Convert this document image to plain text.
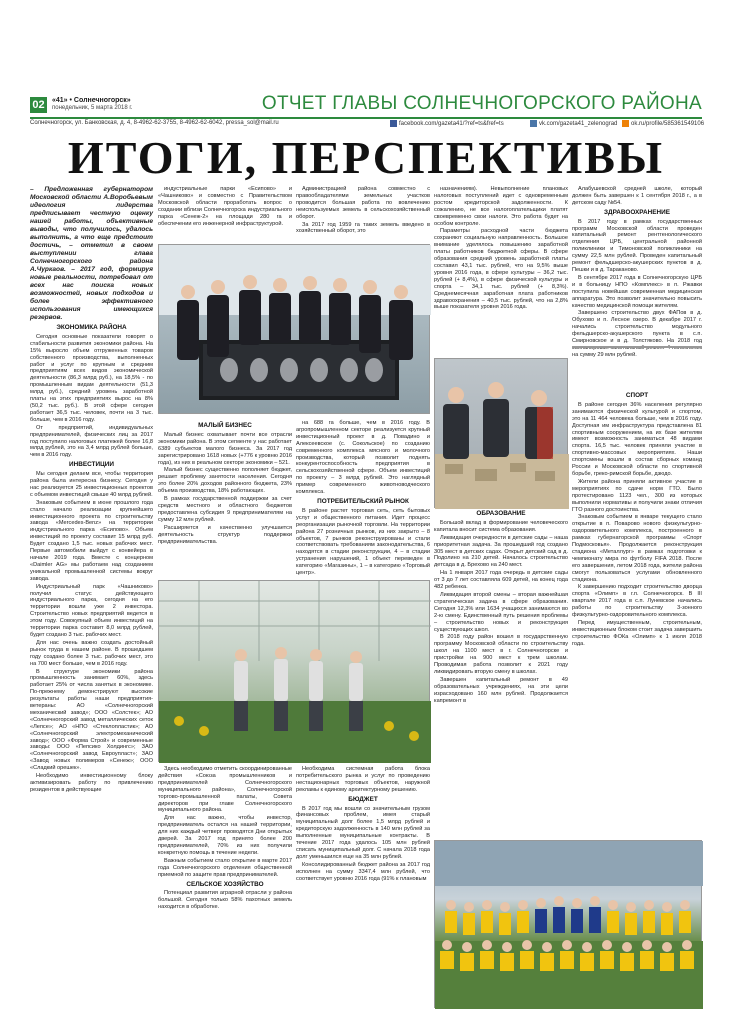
02	«41» • Солнечногорск»
понедельник, 5 марта 2018 г.	ОТЧЕТ ГЛАВЫ СОЛНЕЧНОГОРСКОГО РАЙОНА
Солнечногорск, ул. Банковская, д. 4, 8-4962-62-3755, 8-4962-62-6042, pressa_sol@mail.ru	facebook.com/gazeta41/?ref=ts&fref=ts	vk.com/gazeta41_zelenograd	ok.ru/profile/585361549106
ИТОГИ, ПЕРСПЕКТИВЫ

– Предложенная губернатором Московской области А.Воробьевым идеология лидерства предписывает честную оценку нашей работы, объективные выводы, что получилось, удалось выполнить, а что еще предстоит достичь, – отметил в своем выступлении глава Солнечногорского района А.Чуркаов. – 2017 год, формируя новые реальности, потребовал от всех нас поиска новых возможностей, новых подходов и более эффективного использования имеющихся резервов.

ЭКОНОМИКА РАЙОНА

Сегодня основные показатели говорят о стабильности развития экономики района. На 15% выросло объем отгруженных товаров собственного производства, выполненных работ и услуг по крупным и средним предприятиям всех видов экономической деятельности (86,3 млрд руб.), на 18,5% - по промышленным видам деятельности (51,3 млрд руб.), средний уровень заработной платы на этих предприятиях вырос на 8% (50,2 тыс. руб.). В этой сфере сегодня работает 36,5 тыс. человек, почти на 3 тыс. больше, чем в 2016 году.

От предприятий, индивидуальных предпринимателей, физических лиц за 2017 год поступило налоговых платежей более 16,8 млрд рублей, это на 3,4 млрд рублей больше, чем в 2016 году.

ИНВЕСТИЦИИ

Мы сегодня делаем все, чтобы территория района была интересна бизнесу. Сегодня у нас реализуется 25 инвестиционных проектов с объемом инвестиций свыше 40 млрд рублей.

Знаковым событием в июне прошлого года стало начало реализации крупнейшего инвестиционного проекта по строительству завода «Mercedes-Benz» на территории индустриального парка «Есипово». Объем инвестиций по проекту составит 15 млрд руб. Будет создано 1,5 тыс. новых рабочих мест. Первые автомобили выйдут с конвейера в начале 2019 года. Вместе с концерном «Daimler AG» мы работаем над созданием уникальной промышленной системы вокруг завода.

Индустриальный парк «Чашниково» получил статус действующего индустриального парка, сегодня на его территории вошли уже 2 инвестора. Строительство новых предприятий ведется в этом году. Совокупный объем инвестиций на территории парка составит 8,0 млрд рублей, будет создано 3 тыс. рабочих мест.

Для нас очень важно создать достойный рынок труда в нашем районе. В прошедшем году создано более 3 тыс. рабочих мест, это на 700 мест больше, чем в 2016 году.

В структуре экономики района промышленность занимает 60%, здесь работает 25% от числа занятых в экономике. По-прежнему демонстрируют высокие результаты работы наши предприятия-ветераны: АО «Солнечногорский механический завод»; ООО «Солстек»; АО «Солнечногорский завод металлических сеток «Лепсе»; АО «НПО «Стеклопластик»; АО «Солнечногорский электромеханический завод»; ООО «Форма Строй» и современные заводы: ООО «Пепсико Холдингс»; ЗАО «Солнечногорский завод Евроупласт»; ЗАО «Завод новых полимеров «Сенеж»; ООО «Сладкий орешек».

Необходимо инвестиционному блоку активизировать работу по привлечению резидентов в действующие

индустриальные парки «Есипово» и «Чашниково» и совместно с Правительством Московской области проработать вопрос о создании вблизи Солнечногорска индустриального парка «Сенеж-2» на площади 280 га и обеспечении его инженерной инфраструктурой.

МАЛЫЙ БИЗНЕС

Малый бизнес охватывает почти все отрасли экономики района. В этом сегменте у нас работает 6389 субъектов малого бизнеса. За 2017 год зарегистрировано 1618 новых (+776 к уровню 2016 года), из них в реальном секторе экономики – 521.

Малый бизнес существенно пополняет бюджет, решает проблему занятости населения. Сегодня это более 20% доходов районного бюджета, 23% объема производства, 18% работающих.

В рамках государственной поддержки за счет средств местного и областного бюджетов предоставлена субсидия 9 предпринимателям на сумму 12 млн рублей.

Расширяется и качественно улучшается деятельность структур поддержки предпринимательства.

Администрацией района совместно с правообладателями земельных участков проводится большая работа по вовлечению неиспользуемых земель в сельскохозяйственный оборот.

За 2017 год 1959 га таких земель введено в хозяйственный оборот, это

на 688 га больше, чем в 2016 году. В агропромышленном секторе реализуется крупный инвестиционный проект в д. Повадино и Алексеевское (с. Сокольское) по созданию современного комплекса мясного и молочного производства, который позволит поднять конкурентоспособность предприятия в сельскохозяйственной сфере. Объем инвестиций по проекту – 3 млрд рублей. Это наглядный пример современного животноводческого комплекса.

ПОТРЕБИТЕЛЬСКИЙ РЫНОК

В районе растет торговая сеть, сеть бытовых услуг и общественного питания. Идет процесс реорганизации рыночной торговли. На территории района 27 розничных рынков, из них закрыто – 8 объектов, 7 рынков реконструированы и стали соответствовать требованиям законодательства, 6 находятся в стадии реконструкции, 4 – в стадии устранения нарушений, 1 объект переведен в категорию «Магазины», 1 – в категорию «Торговый центр».

Здесь необходимо отметить скоординированные действия «Союза промышленников и предпринимателей Солнечногорского муниципального района», Солнечногорской торгово-промышленной палаты, Совета директоров при главе Солнечногорского муниципального района.

Для нас важно, чтобы инвестор, предприниматель остался на нашей территории, для них каждый четверг проводятся Дни открытых дверей. За 2017 год принято более 200 предпринимателей, 70% из них получили конкретную помощь в течение недели.

Важным событием стало открытие в марте 2017 года Солнечногорского отделения общественной приемной по защите прав предпринимателей.

СЕЛЬСКОЕ ХОЗЯЙСТВО

Потенциал развития аграрной отрасли у района большой. Сегодня только 58% пахотных земель находится в обработке.

Необходима системная работа блока потребительского рынка и услуг по проведению нестационарных торговых объектов, наружной рекламы к единому архитектурному решению.

БЮДЖЕТ

В 2017 год мы вошли со значительным грузом финансовых проблем, имея старый муниципальный долг более 1,5 млрд рублей и кредиторскую задолженность в 140 млн рублей за выполненные муниципальные контракты. В течение 2017 года удалось 105 млн рублей списать муниципальный долг. С начала 2018 года долг уменьшился еще на 35 млн рублей.

Консолидированный бюджет района за 2017 год исполнен на сумму 3347,4 млн рублей, что соответствует уровню 2016 года (91% к плановым

назначениям). Невыполнение плановых налоговых поступлений идет с одновременным ростом кредиторской задолженности. К сожалению, не все налогоплательщики платят своевременно свои налоги. Это работа будет на особом контроле.

Параметры расходной части бюджета сохраняют социальную направленность. Большое внимание уделялось повышению заработной платы работников бюджетной сферы. В сфере образования средний уровень заработной платы составил 43,1 тыс. рублей, что на 9,5% выше уровня 2016 года, в сфере культуры – 36,2 тыс. рублей (+ 8,4%), в сфере физической культуры и спорта – 34,1 тыс. рублей (+ 8,3%). Среднемесячная заработная плата работников здравоохранения – 40,5 тыс. рублей, что на 2,8% выше показателя уровня 2016 года.

ОБРАЗОВАНИЕ

Большой вклад в формирование человеческого капитала вносит система образования.

Ликвидация очередности в детские сады – наша приоритетная задача. За прошедший год создано 305 мест в детских садах. Открыт детский сад в д. Подолино на 210 детей. Началось строительство детсада в д. Брехово на 240 мест.

На 1 января 2017 года очередь в детские сады от 3 до 7 лет составляла 609 детей, на конец года 482 ребенка.

Ликвидация второй смены – вторая важнейшая стратегическая задача в сфере образования. Сегодня 12,3% или 1634 учащихся занимаются во 2-ю смену. Единственный путь решения проблемы – строительство новых и реконструкция существующих школ.

В 2018 году район вошел в государственную программу Московской области по строительству школ на 1100 мест в г. Солнечногорске и пристройки на 900 мест к трем школам. Проводимая работа позволит к 2021 году ликвидировать вторую смену в школах.

Завершен капитальный ремонт в 49 образовательных учреждениях, на эти цели израсходовано 160 млн рублей. Продолжается капремонт в

Алабушевской средней школе, который должен быть завершен к 1 сентября 2018 г., а в детском саду №54.

ЗДРАВООХРАНЕНИЕ

В 2017 году в рамках государственных программ Московской области проведен капитальный ремонт рентгенологического отделения ЦРБ, центральной районной поликлиники и Тимоновской поликлиники на сумму 22,5 млн рублей. Проведен капитальный ремонт фельдшерско-акушерских пунктов в д. Пешки и в д. Тараканово.

В сентябре 2017 года в Солнечногорскую ЦРБ и в больницу НПО «Комплекс» в п. Ржавки поступила новейшая современная медицинская аппаратура. Это позволит значительно повысить качество медицинской помощи жителям.

Завершено строительство двух ФАПов в д. Обухово и п. Лесное озеро. В декабре 2017 г. начались строительство модульного фельдшерско-акушерского пункта в с.п. Смирновское и в д. Толстяково. На 2018 год запланирован капитальный ремонт 4 поликлиник на сумму 29 млн рублей.

СПОРТ

В районе сегодня 36% населения регулярно занимаются физической культурой и спортом, это на 11 464 человека больше, чем в 2016 году. Доступная им инфраструктура представлена 81 спортивным сооружением, на их базе жителям имеют возможность заниматься 48 видами спорта. 16,5 тыс. человек приняли участие в спортивно-массовых мероприятиях. Наши спортсмены вошли в состав сборных команд России и Московской области по спортивной борьбе, греко-римской борьбе, дзюдо.

Жители района приняли активное участие в мероприятиях по сдаче норм ГТО. Было протестировано 1123 чел., 300 из которых выполнили нормативы и получили знаки отличия ГТО разного достоинства.

Знаковым событием в январе текущего стало открытие в п. Поварово нового физкультурно-оздоровительного комплекса, построенного в рамках губернаторской программы «Спорт Подмосковья». Продолжается реконструкция стадиона «Металлург» в рамках подготовки к чемпионату мира по футболу FIFA 2018. После его завершения, летом 2018 года, жители района смогут пользоваться услугами обновленного стадиона.

К завершению подходит строительство дворца спорта «Олимп» в г.п. Солнечногорск. В III квартале 2017 года в с.п. Луневское начались работы по строительству 3-зонного физкультурно-оздоровительного комплекса.

Перед имущественным, строительным, инвестиционным блоком стоит задача завершить строительство ФОКа «Олимп» к 1 июля 2018 года.
